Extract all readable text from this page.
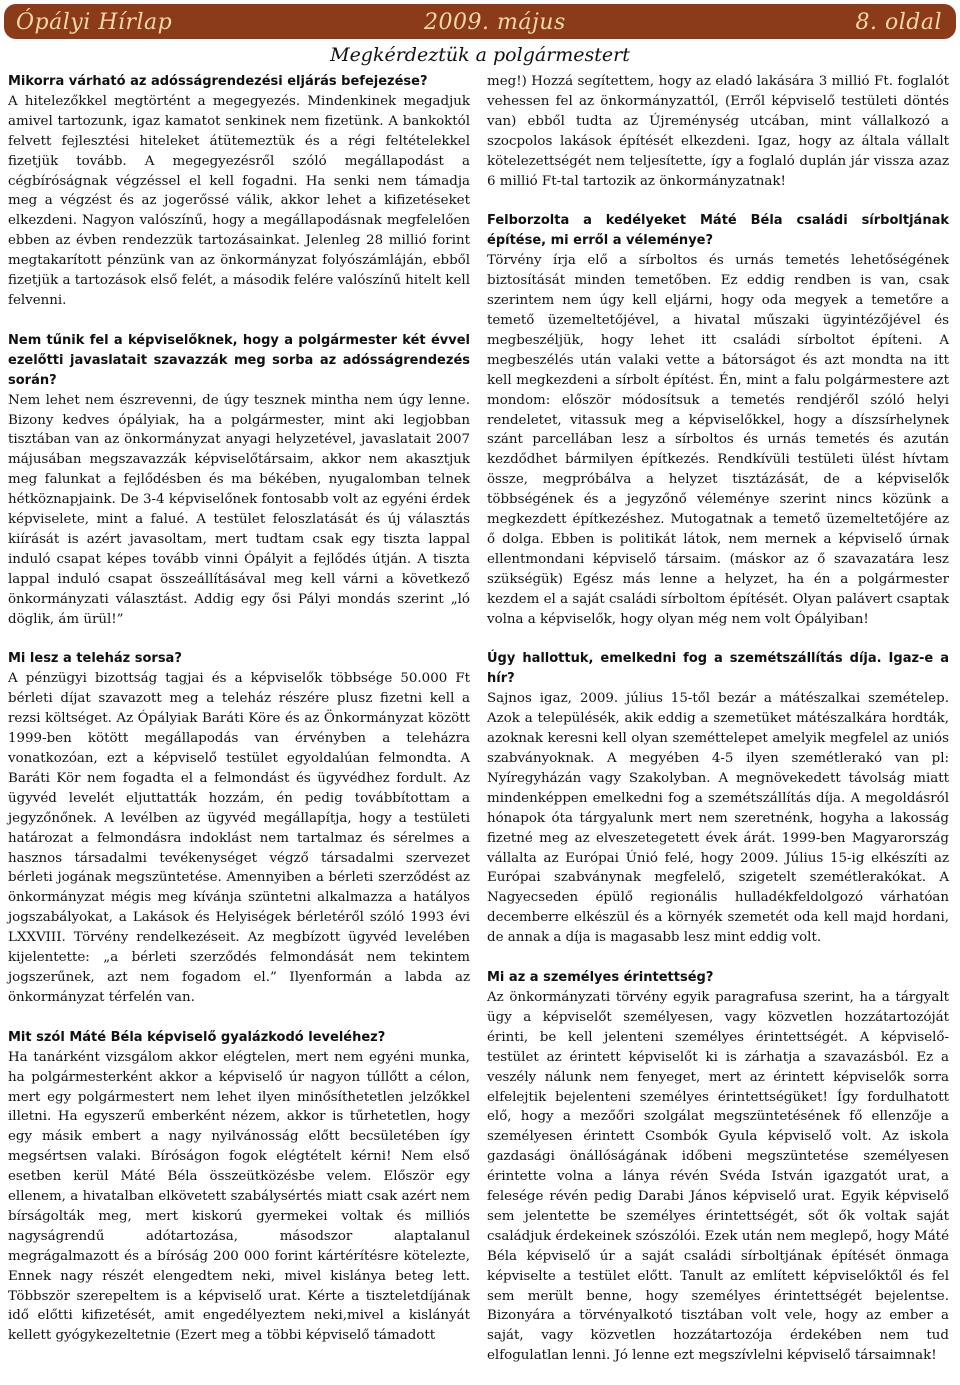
Ópályi Hírlap	2009. május	8. oldal
Megkérdeztük a polgármestert

Mikorra várható az adósságrendezési eljárás befejezése?

A hitelezőkkel megtörtént a megegyezés. Mindenkinek megadjuk amivel tartozunk, igaz kamatot senkinek nem fizetünk. A bankoktól felvett fejlesztési hiteleket átütemeztük és a régi feltételekkel fizetjük tovább. A megegyezésről szóló megállapodást a cégbíróságnak végzéssel el kell fogadni. Ha senki nem támadja meg a végzést és az jogerőssé válik, akkor lehet a kifizetéseket elkezdeni. Nagyon valószínű, hogy a megállapodásnak megfelelően ebben az évben rendezzük tartozásainkat. Jelenleg 28 millió forint megtakarított pénzünk van az önkormányzat folyószámláján, ebből fizetjük a tartozások első felét, a második felére valószínű hitelt kell felvenni.

Nem tűnik fel a képviselőknek, hogy a polgármester két évvel ezelőtti javaslatait szavazzák meg sorba az adósságrendezés során?

Nem lehet nem észrevenni, de úgy tesznek mintha nem úgy lenne. Bizony kedves ópályiak, ha a polgármester, mint aki legjobban tisztában van az önkormányzat anyagi helyzetével, javaslatait 2007 májusában megszavazzák képviselőtársaim, akkor nem akasztjuk meg falunkat a fejlődésben és ma békében, nyugalomban telnek hétköznapjaink. De 3-4 képviselőnek fontosabb volt az egyéni érdek képviselete, mint a falué. A testület feloszlatását és új választás kiírását is azért javasoltam, mert tudtam csak egy tiszta lappal induló csapat képes tovább vinni Ópályit a fejlődés útján. A tiszta lappal induló csapat összeállításával meg kell várni a következő önkormányzati választást. Addig egy ősi Pályi mondás szerint „ló döglik, ám ürül!”

Mi lesz a teleház sorsa?

A pénzügyi bizottság tagjai és a képviselők többsége 50.000 Ft bérleti díjat szavazott meg a teleház részére plusz fizetni kell a rezsi költséget. Az Ópályiak Baráti Köre és az Önkormányzat között 1999-ben kötött megállapodás van érvényben a teleházra vonatkozóan, ezt a képviselő testület egyoldalúan felmondta. A Baráti Kör nem fogadta el a felmondást és ügyvédhez fordult. Az ügyvéd levelét eljuttatták hozzám, én pedig továbbítottam a jegyzőnőnek. A levélben az ügyvéd megállapítja, hogy a testületi határozat a felmondásra indoklást nem tartalmaz és sérelmes a hasznos társadalmi tevékenységet végző társadalmi szervezet bérleti jogának megszüntetése. Amennyiben a bérleti szerződést az önkormányzat mégis meg kívánja szüntetni alkalmazza a hatályos jogszabályokat, a Lakások és Helyiségek bérletéről szóló 1993 évi LXXVIII. Törvény rendelkezéseit. Az megbízott ügyvéd levelében kijelentette: „a bérleti szerződés felmondását nem tekintem jogszerűnek, azt nem fogadom el.” Ilyenformán a labda az önkormányzat térfelén van.

Mit szól Máté Béla képviselő gyalázkodó leveléhez?

Ha tanárként vizsgálom akkor elégtelen, mert nem egyéni munka, ha polgármesterként akkor a képviselő úr nagyon túllőtt a célon, mert egy polgármestert nem lehet ilyen minősíthetetlen jelzőkkel illetni. Ha egyszerű emberként nézem, akkor is tűrhetetlen, hogy egy másik embert a nagy nyilvánosság előtt becsületében így megsértsen valaki. Bíróságon fogok elégtételt kérni! Nem első esetben kerül Máté Béla összeütközésbe velem. Először egy ellenem, a hivatalban elkövetett szabálysértés miatt csak azért nem bírságolták meg, mert kiskorú gyermekei voltak és milliós nagyságrendű adótartozása, másodszor alaptalanul megrágalmazott és a bíróság 200 000 forint kártérítésre kötelezte, Ennek nagy részét elengedtem neki, mivel kislánya beteg lett. Többször szerepeltem is a képviselő urat. Kérte a tiszteletdíjának idő előtti kifizetését, amit engedélyeztem neki,mivel a kislányát kellett gyógykezeltetnie (Ezert meg a többi képviselő támadott

meg!) Hozzá segítettem, hogy az eladó lakására 3 millió Ft. foglalót vehessen fel az önkormányzattól, (Erről képviselő testületi döntés van) ebből tudta az Újreménység utcában, mint vállalkozó a szocpolos lakások építését elkezdeni. Igaz, hogy az általa vállalt kötelezettségét nem teljesítette, így a foglaló duplán jár vissza azaz 6 millió Ft-tal tartozik az önkormányzatnak!

Felborzolta a kedélyeket Máté Béla családi sírboltjának építése, mi erről a véleménye?

Törvény írja elő a sírboltos és urnás temetés lehetőségének biztosítását minden temetőben. Ez eddig rendben is van, csak szerintem nem úgy kell eljárni, hogy oda megyek a temetőre a temető üzemeltetőjével, a hivatal műszaki ügyintézőjével és megbeszéljük, hogy lehet itt családi sírboltot építeni. A megbeszélés után valaki vette a bátorságot és azt mondta na itt kell megkezdeni a sírbolt építést. Én, mint a falu polgármestere azt mondom: először módosítsuk a temetés rendjéről szóló helyi rendeletet, vitassuk meg a képviselőkkel, hogy a díszsírhelynek szánt parcellában lesz a sírboltos és urnás temetés és azután kezdődhet bármilyen építkezés. Rendkívüli testületi ülést hívtam össze, megpróbálva a helyzet tisztázását, de a képviselők többségének és a jegyzőnő véleménye szerint nincs közünk a megkezdett építkezéshez. Mutogatnak a temető üzemeltetőjére az ő dolga. Ebben is politikát látok, nem mernek a képviselő úrnak ellentmondani képviselő társaim. (máskor az ő szavazatára lesz szükségük) Egész más lenne a helyzet, ha én a polgármester kezdem el a saját családi sírboltom építését. Olyan palávert csaptak volna a képviselők, hogy olyan még nem volt Ópályiban!

Úgy hallottuk, emelkedni fog a szemétszállítás díja. Igaz-e a hír?

Sajnos igaz, 2009. július 15-től bezár a mátészalkai szemételep. Azok a településék, akik eddig a szemetüket mátészalkára hordták, azoknak keresni kell olyan szeméttelepet amelyik megfelel az uniós szabványoknak. A megyében 4-5 ilyen szemétlerakó van pl: Nyíregyházán vagy Szakolyban. A megnövekedett távolság miatt mindenképpen emelkedni fog a szemétszállítás díja. A megoldásról hónapok óta tárgyalunk mert nem szeretnénk, hogyha a lakosság fizetné meg az elveszetegetett évek árát. 1999-ben Magyarország vállalta az Európai Únió felé, hogy 2009. Július 15-ig elkészíti az Európai szabványnak megfelelő, szigetelt szemétlerakókat. A Nagyecseden épülő regionális hulladékfeldolgozó várhatóan decemberre elkészül és a környék szemetét oda kell majd hordani, de annak a díja is magasabb lesz mint eddig volt.

Mi az a személyes érintettség?

Az önkormányzati törvény egyik paragrafusa szerint, ha a tárgyalt ügy a képviselőt személyesen, vagy közvetlen hozzátartozóját érinti, be kell jelenteni személyes érintettségét. A képviselő-testület az érintett képviselőt ki is zárhatja a szavazásból. Ez a veszély nálunk nem fenyeget, mert az érintett képviselők sorra elfelejtik bejelenteni személyes érintettségüket! Így fordulhatott elő, hogy a mezőőri szolgálat megszüntetésének fő ellenzője a személyesen érintett Csombók Gyula képviselő volt. Az iskola gazdasági önállóságának időbeni megszüntetése személyesen érintette volna a lánya révén Svéda István igazgatót urat, a felesége révén pedig Darabi János képviselő urat. Egyik képviselő sem jelentette be személyes érintettségét, sőt ők voltak saját családjuk érdekeinek szószólói. Ezek után nem meglepő, hogy Máté Béla képviselő úr a saját családi sírboltjának építését önmaga képviselte a testület előtt. Tanult az említett képviselőktől és fel sem merült benne, hogy személyes érintettségét bejelentse. Bizonyára a törvényalkotó tisztában volt vele, hogy az ember a saját, vagy közvetlen hozzátartozója érdekében nem tud elfogulatlan lenni. Jó lenne ezt megszívlelni képviselő társaimnak!
